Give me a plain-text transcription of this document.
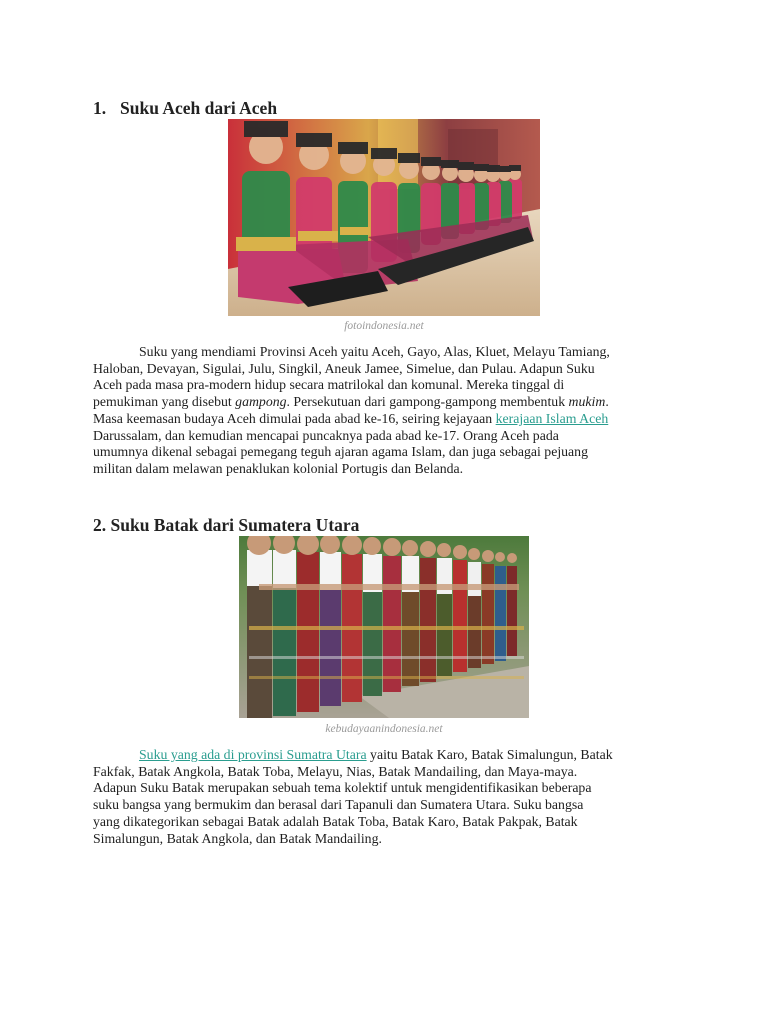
1. Suku Aceh dari Aceh
fotoindonesia.net

Suku yang mendiami Provinsi Aceh yaitu Aceh, Gayo, Alas, Kluet, Melayu Tamiang,
Haloban, Devayan, Sigulai, Julu, Singkil, Aneuk Jamee, Simelue, dan Pulau. Adapun Suku
Aceh pada masa pra-modern hidup secara matrilokal dan komunal. Mereka tinggal di
pemukiman yang disebut gampong. Persekutuan dari gampong-gampong membentuk mukim.
Masa keemasan budaya Aceh dimulai pada abad ke-16, seiring kejayaan kerajaan Islam Aceh
Darussalam, dan kemudian mencapai puncaknya pada abad ke-17. Orang Aceh pada
umumnya dikenal sebagai pemegang teguh ajaran agama Islam, dan juga sebagai pejuang
militan dalam melawan penaklukan kolonial Portugis dan Belanda.

2. Suku Batak dari Sumatera Utara
kebudayaanindonesia.net

Suku yang ada di provinsi Sumatra Utara yaitu Batak Karo, Batak Simalungun, Batak
Fakfak, Batak Angkola, Batak Toba, Melayu, Nias, Batak Mandailing, dan Maya-maya.
Adapun Suku Batak merupakan sebuah tema kolektif untuk mengidentifikasikan beberapa
suku bangsa yang bermukim dan berasal dari Tapanuli dan Sumatera Utara. Suku bangsa
yang dikategorikan sebagai Batak adalah Batak Toba, Batak Karo, Batak Pakpak, Batak
Simalungun, Batak Angkola, dan Batak Mandailing.
